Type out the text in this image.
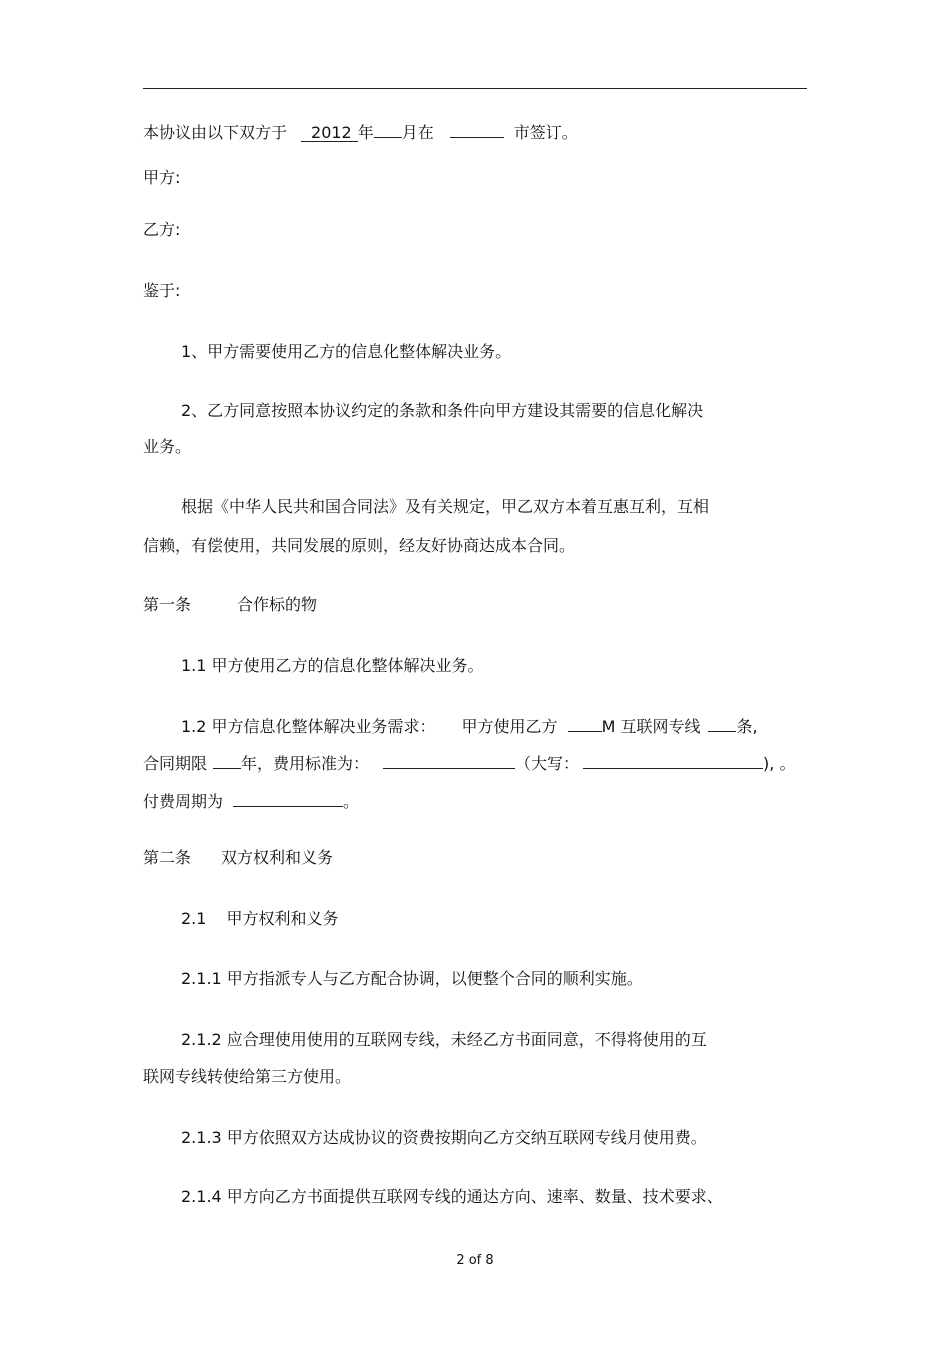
本协议由以下双方于 2012 年 月在	市签订。
甲方:
乙方:
鉴于:
1、甲方需要使用乙方的信息化整体解决业务。
2、乙方同意按照本协议约定的条款和条件向甲方建设其需要的信息化解决
业务。
根据《中华人民共和国合同法》及有关规定，甲乙双方本着互惠互利，互相
信赖，有偿使用，共同发展的原则，经友好协商达成本合同。
第一条	合作标的物
1.1 甲方使用乙方的信息化整体解决业务。
1.2 甲方信息化整体解决业务需求： 甲方使用乙方	M 互联网专线 条,
合同期限 年，费用标准为：	（大写：	), 。
付费周期为	。
第二条 双方权利和义务
2.1 甲方权利和义务
2.1.1 甲方指派专人与乙方配合协调，以便整个合同的顺利实施。
2.1.2 应合理使用使用的互联网专线，未经乙方书面同意，不得将使用的互
联网专线转使给第三方使用。
2.1.3 甲方依照双方达成协议的资费按期向乙方交纳互联网专线月使用费。
2.1.4 甲方向乙方书面提供互联网专线的通达方向、速率、数量、技术要求、
2 of 8
